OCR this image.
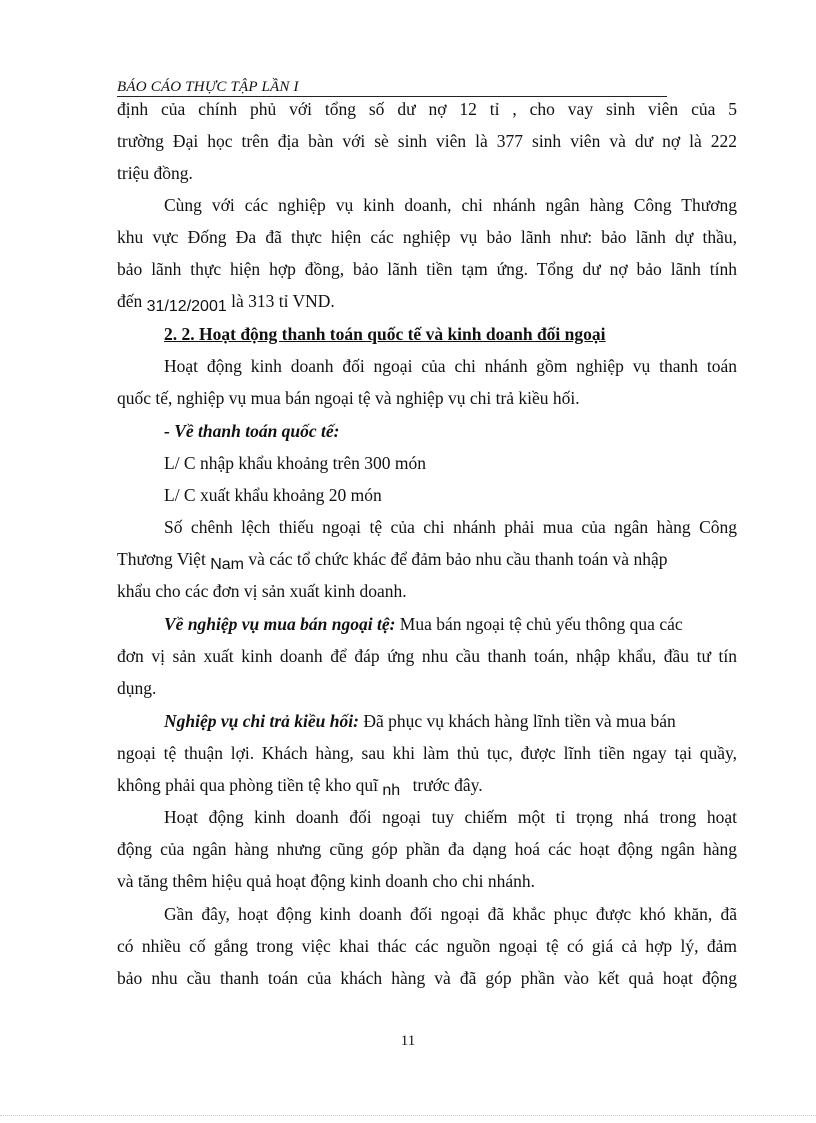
BÁO CÁO THỰC TẬP LẦN I
định của chính phủ với tổng số dư nợ 12 tỉ , cho vay sinh viên của 5
trường Đại học trên địa bàn với sè sinh viên là 377 sinh viên và dư nợ là 222
triệu đồng.
Cùng với các nghiệp vụ kinh doanh, chi nhánh ngân hàng Công Thương
khu vực Đống Đa đã thực hiện các nghiệp vụ bảo lãnh như: bảo lãnh dự thầu,
bảo lãnh thực hiện hợp đồng, bảo lãnh tiền tạm ứng. Tổng dư nợ bảo lãnh tính
đến 31/12/2001 là 313 tỉ VND.
2. 2. Hoạt động thanh toán quốc tế và kinh doanh đối ngoại
Hoạt động kinh doanh đối ngoại của chi nhánh gồm nghiệp vụ thanh toán
quốc tế, nghiệp vụ mua bán ngoại tệ và nghiệp vụ chi trả kiều hối.
- Về thanh toán quốc tế:
L/ C nhập khẩu khoảng trên 300 món
L/ C xuất khẩu khoảng 20 món
Số chênh lệch thiếu ngoại tệ của chi nhánh phải mua của ngân hàng Công
Thương Việt Nam và các tổ chức khác để đảm bảo nhu cầu thanh toán và nhập
khẩu cho các đơn vị sản xuất kinh doanh.
Về nghiệp vụ mua bán ngoại tệ: Mua bán ngoại tệ chủ yếu thông qua các
đơn vị sản xuất kinh doanh để đáp ứng nhu cầu thanh toán, nhập khẩu, đầu tư tín
dụng.
Nghiệp vụ chi trả kiều hối: Đã phục vụ khách hàng lĩnh tiền và mua bán
ngoại tệ thuận lợi. Khách hàng, sau khi làm thủ tục, được lĩnh tiền ngay tại quầy,
không phải qua phòng tiền tệ kho quĩ nh trước đây.
Hoạt động kinh doanh đối ngoại tuy chiếm một tỉ trọng nhá trong hoạt
động của ngân hàng nhưng cũng góp phần đa dạng hoá các hoạt động ngân hàng
và tăng thêm hiệu quả hoạt động kinh doanh cho chi nhánh.
Gần đây, hoạt động kinh doanh đối ngoại đã khắc phục được khó khăn, đã
có nhiều cố gắng trong việc khai thác các nguồn ngoại tệ có giá cả hợp lý, đảm
bảo nhu cầu thanh toán của khách hàng và đã góp phần vào kết quả hoạt động
11
